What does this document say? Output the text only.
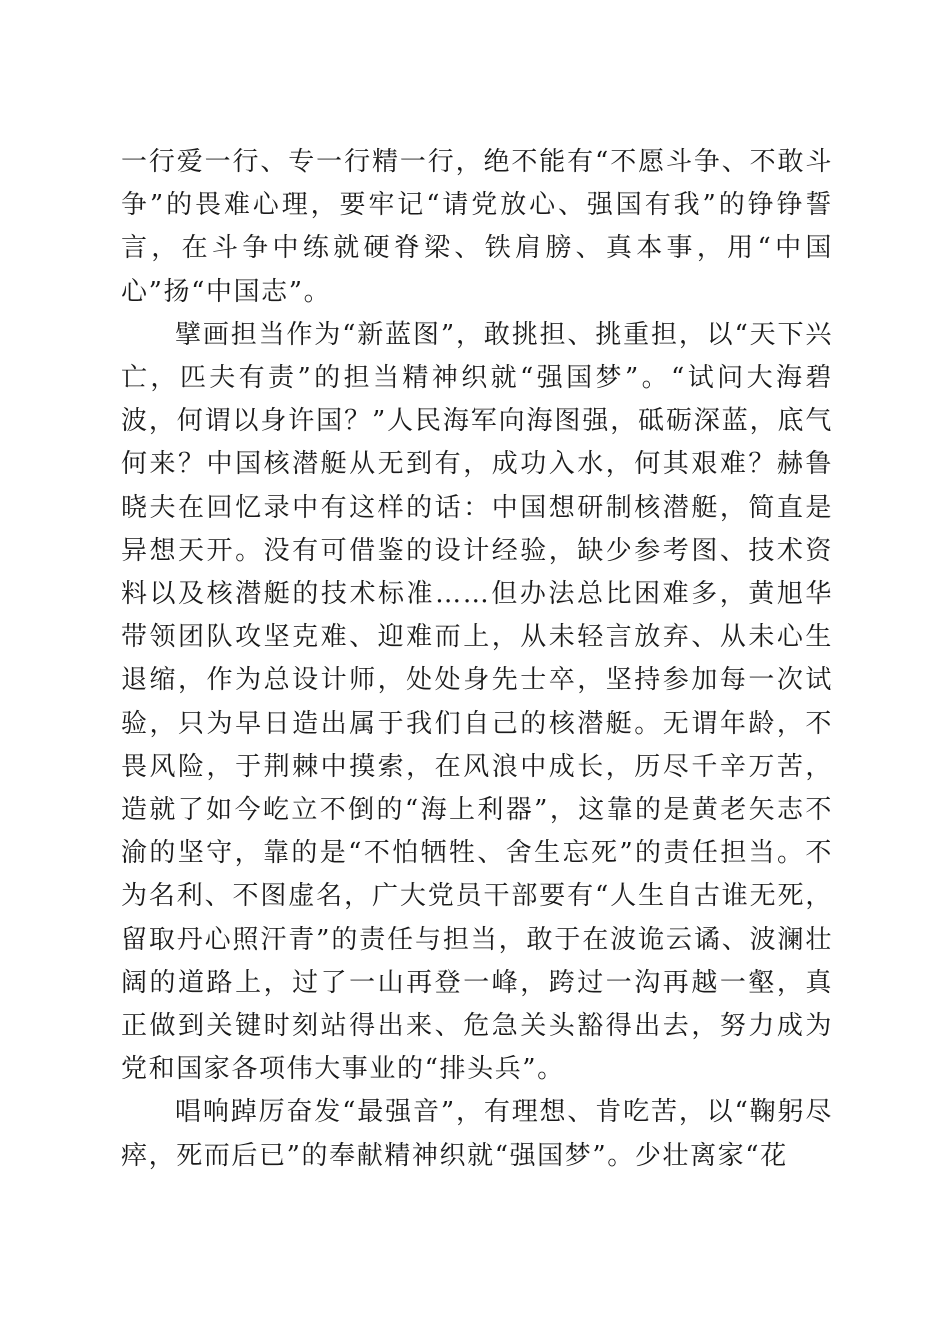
一行爱一行、专一行精一行，绝不能有“不愿斗争、不敢斗争”的畏难心理，要牢记“请党放心、强国有我”的铮铮誓言，在斗争中练就硬脊梁、铁肩膀、真本事，用“中国心”扬“中国志”。

擘画担当作为“新蓝图”，敢挑担、挑重担，以“天下兴亡，匹夫有责”的担当精神织就“强国梦”。“试问大海碧波，何谓以身许国？”人民海军向海图强，砥砺深蓝，底气何来？中国核潜艇从无到有，成功入水，何其艰难？赫鲁晓夫在回忆录中有这样的话：中国想研制核潜艇，简直是异想天开。没有可借鉴的设计经验，缺少参考图、技术资料以及核潜艇的技术标准……但办法总比困难多，黄旭华带领团队攻坚克难、迎难而上，从未轻言放弃、从未心生退缩，作为总设计师，处处身先士卒，坚持参加每一次试验，只为早日造出属于我们自己的核潜艇。无谓年龄，不畏风险，于荆棘中摸索，在风浪中成长，历尽千辛万苦，造就了如今屹立不倒的“海上利器”，这靠的是黄老矢志不渝的坚守，靠的是“不怕牺牲、舍生忘死”的责任担当。不为名利、不图虚名，广大党员干部要有“人生自古谁无死，留取丹心照汗青”的责任与担当，敢于在波诡云谲、波澜壮阔的道路上，过了一山再登一峰，跨过一沟再越一壑，真正做到关键时刻站得出来、危急关头豁得出去，努力成为党和国家各项伟大事业的“排头兵”。

唱响踔厉奋发“最强音”，有理想、肯吃苦，以“鞠躬尽瘁，死而后已”的奉献精神织就“强国梦”。少壮离家“花
